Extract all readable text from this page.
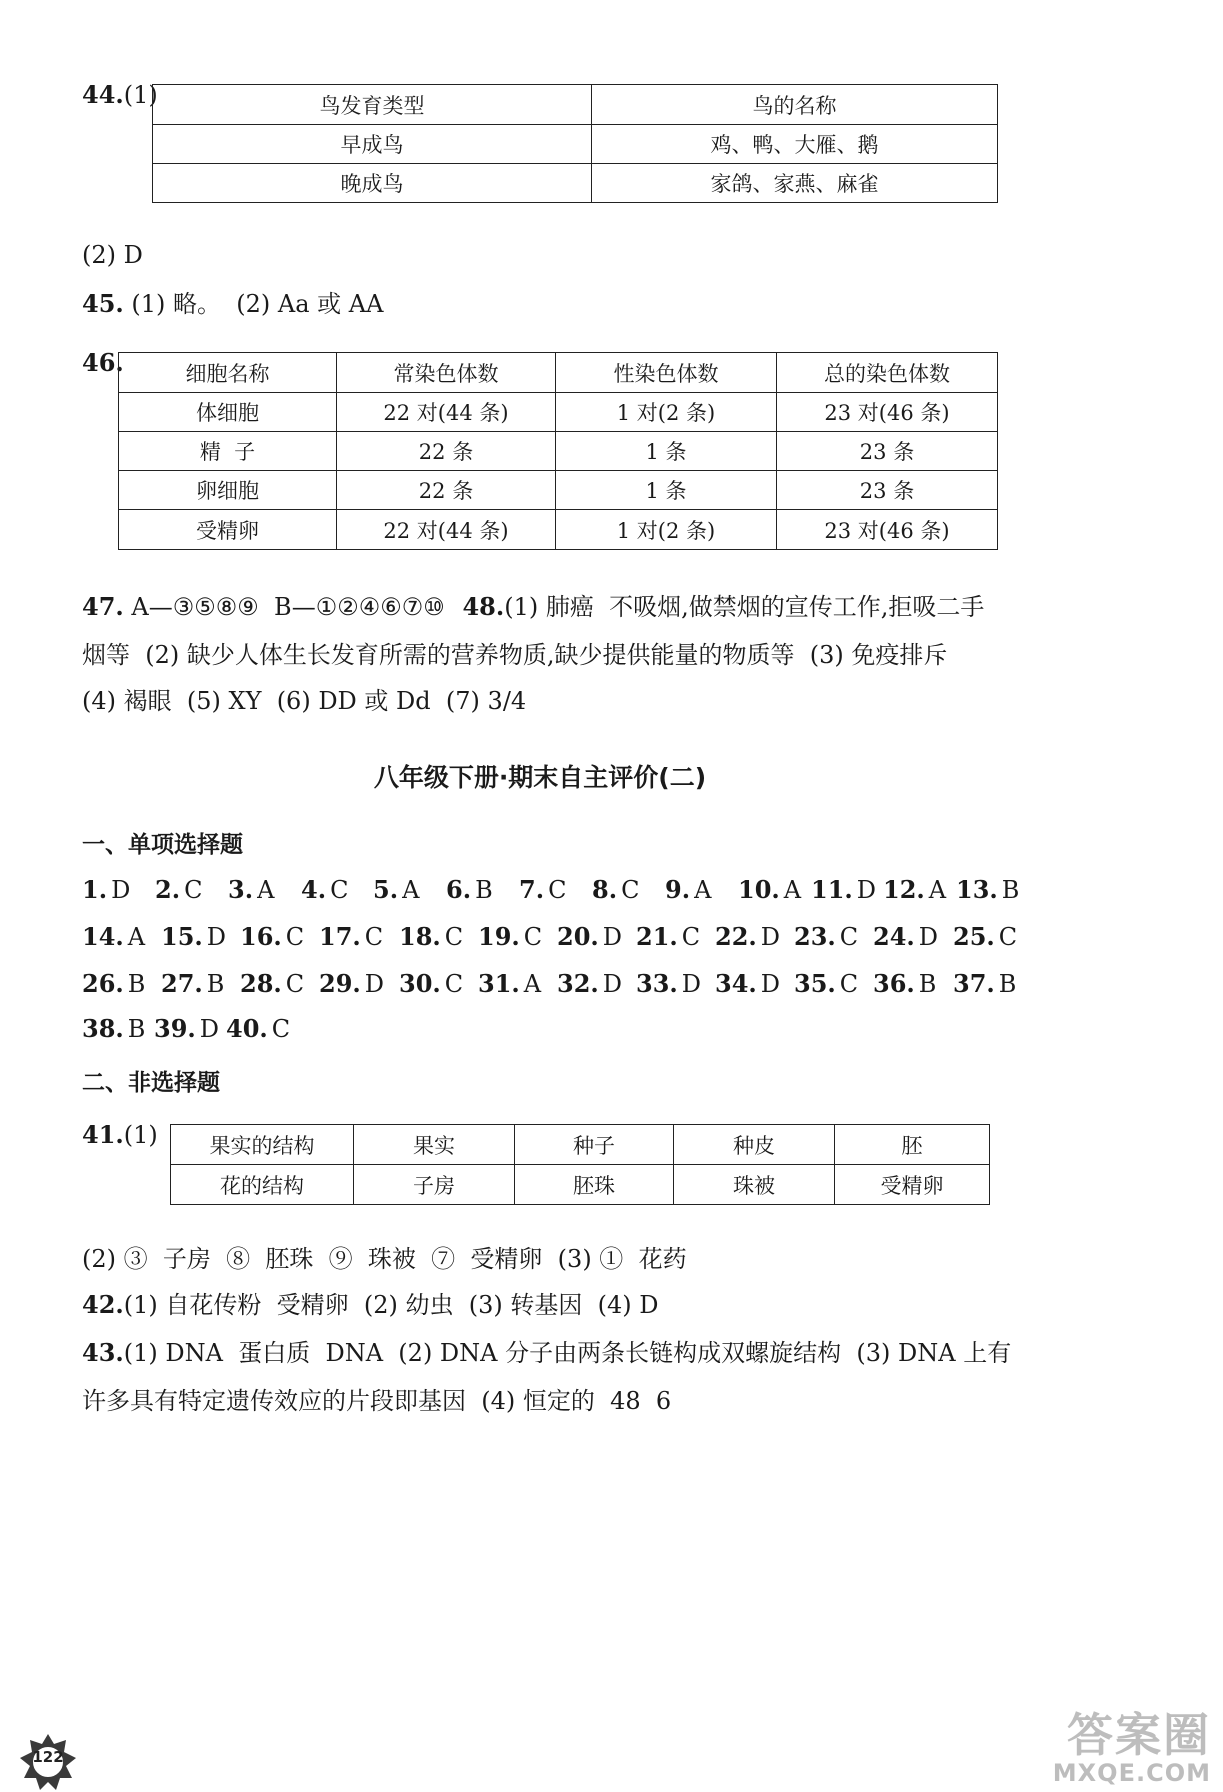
44.(1)	鸟发育类型	鸟的名称
早成鸟	鸡、鸭、大雁、鹅
晚成鸟	家鸽、家燕、麻雀
(2) D
45. (1) 略。  (2) Aa 或 AA
46.	细胞名称	常染色体数	性染色体数	总的染色体数
体细胞	22 对(44 条)	1 对(2 条)	23 对(46 条)
精  子	22 条	1 条	23 条
卵细胞	22 条	1 条	23 条
受精卵	22 对(44 条)	1 对(2 条)	23 对(46 条)
47. A—③⑤⑧⑨  B—①②④⑥⑦⑩ 48.(1) 肺癌  不吸烟,做禁烟的宣传工作,拒吸二手
烟等  (2) 缺少人体生长发育所需的营养物质,缺少提供能量的物质等  (3) 免疫排斥
(4) 褐眼  (5) XY  (6) DD 或 Dd  (7) 3/4
八年级下册·期末自主评价(二)
一、单项选择题
1. D 2. C 3. A 4. C 5. A 6. B 7. C 8. C 9. A 10. A 11. D 12. A 13. B
14. A 15. D 16. C 17. C 18. C 19. C 20. D 21. C 22. D 23. C 24. D 25. C
26. B 27. B 28. C 29. D 30. C 31. A 32. D 33. D 34. D 35. C 36. B 37. B
38. B 39. D 40. C
二、非选择题
41.(1) 果实的结构	果实	种子	种皮	胚
花的结构	子房	胚珠	珠被	受精卵
(2) ③  子房  ⑧  胚珠  ⑨  珠被  ⑦  受精卵  (3) ①  花药
42.(1) 自花传粉  受精卵  (2) 幼虫  (3) 转基因  (4) D
43.(1) DNA  蛋白质  DNA  (2) DNA 分子由两条长链构成双螺旋结构  (3) DNA 上有
许多具有特定遗传效应的片段即基因  (4) 恒定的  48  6
122	答案圈
MXQE.COM
